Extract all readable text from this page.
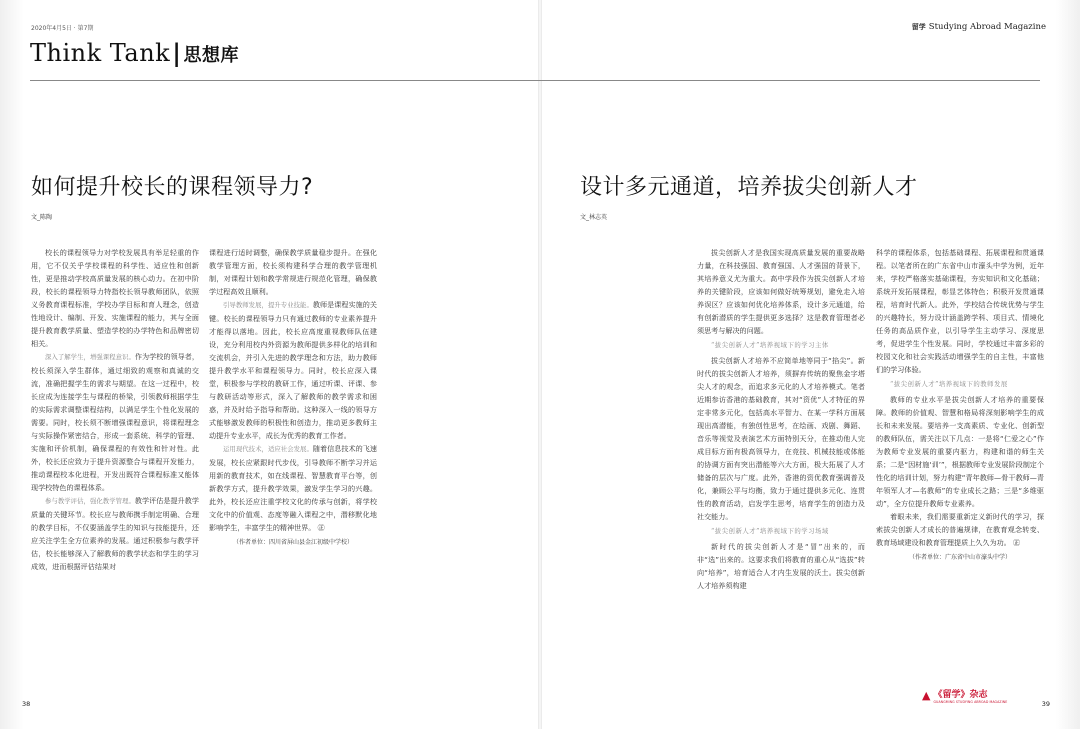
2020年4月5日 · 第7期
Think Tank| 思想库
留学 Studying Abroad Magazine
如何提升校长的课程领导力?
文_陈陶

校长的课程领导力对学校发展具有举足轻重的作用，它不仅关乎学校课程的科学性、适应性和创新性，更是推动学校高质量发展的核心动力。在初中阶段，校长的课程领导力特指校长领导教师团队，依照义务教育课程标准，学校办学目标和育人理念，创造性地设计、编制、开发、实施课程的能力，其与全面提升教育教学质量、塑造学校的办学特色和品牌密切相关。

深入了解学生，增强课程意识。作为学校的领导者，校长须深入学生群体，通过细致的观察和真诚的交流，准确把握学生的需求与期望。在这一过程中，校长应成为连接学生与课程的桥梁，引领教师根据学生的实际需求调整课程结构，以满足学生个性化发展的需要。同时，校长须不断增强课程意识，将课程理念与实际操作紧密结合，形成一套系统、科学的管理、实施和评价机制，确保课程的有效性和针对性。此外，校长还应致力于提升资源整合与课程开发能力，推动课程校本化进程，开发出既符合课程标准又能体现学校特色的课程体系。

参与教学评估，强化教学管理。教学评估是提升教学质量的关键环节。校长应与教师携手制定明确、合理的教学目标，不仅要涵盖学生的知识与技能提升，还应关注学生全方位素养的发展。通过积极参与教学评估，校长能够深入了解教师的教学状态和学生的学习成效，进而根据评估结果对

课程进行适时调整，确保教学质量稳步提升。在强化教学管理方面，校长须构建科学合理的教学管理机制，对课程计划和教学常规进行规范化管理，确保教学过程高效且顺利。

引导教师发展，提升专业技能。教师是课程实施的关键。校长的课程领导力只有通过教师的专业素养提升才能得以落地。因此，校长应高度重视教师队伍建设，充分利用校内外资源为教师提供多样化的培训和交流机会，并引入先进的教学理念和方法，助力教师提升教学水平和课程领导力。同时，校长应深入课堂，积极参与学校的教研工作，通过听课、评课、参与教研活动等形式，深入了解教师的教学需求和困惑，并及时给予指导和帮助。这种深入一线的领导方式能够激发教师的积极性和创造力，推动更多教师主动提升专业水平，成长为优秀的教育工作者。

运用现代技术，适应社会发展。随着信息技术的飞速发展，校长应紧跟时代步伐，引导教师不断学习并运用新的教育技术，如在线课程、智慧教育平台等，创新教学方式，提升教学效果，激发学生学习的兴趣。此外，校长还应注重学校文化的传承与创新，将学校文化中的价值观、态度等融入课程之中，潜移默化地影响学生，丰富学生的精神世界。 ㊣

（作者单位：四川省屏山县金江初级中学校）

设计多元通道，培养拔尖创新人才
文_林志英

拔尖创新人才是我国实现高质量发展的重要战略力量，在科技强国、教育强国、人才强国的背景下，其培养意义尤为重大。高中学段作为拔尖创新人才培养的关键阶段，应该如何做好统筹规划，避免走入培养误区？应该如何优化培养体系，设计多元通道，给有创新潜质的学生提供更多选择？这是教育管理者必须思考与解决的问题。

“拔尖创新人才”培养视域下的学习主体

拔尖创新人才培养不应简单地等同于“掐尖”。新时代的拔尖创新人才培养，须摒弃传统的聚焦金字塔尖人才的观念，而追求多元化的人才培养模式。笔者近期参访香港的基础教育，其对“资优”人才特征的界定非常多元化，包括高水平智力、在某一学科方面展现出高潜能，有独创性思考，在绘画、戏剧、舞蹈、音乐等视觉及表演艺术方面特别天分，在推动他人完成目标方面有极高领导力，在竞技、机械技能或体能的协调方面有突出潜能等六大方面，极大拓展了人才储备的层次与广度。此外，香港的资优教育强调普及化，兼顾公平与均衡，致力于通过提供多元化、连贯性的教育活动，启发学生思考，培育学生的创造力及社交能力。

“拔尖创新人才”培养视域下的学习场域

新时代的拔尖创新人才是“冒”出来的，而非“选”出来的。这要求我们将教育的重心从“选拔”转向“培养”，培育适合人才内生发展的沃土。拔尖创新人才培养须构建

科学的课程体系，包括基础课程、拓展课程和贯通课程。以笔者所在的广东省中山市濠头中学为例，近年来，学校严格落实基础课程，夯实知识和文化基础；系统开发拓展课程，彰显艺体特色；积极开发贯通课程，培育时代新人。此外，学校结合传统优势与学生的兴趣特长，努力设计涵盖跨学科、项目式、情境化任务的高品质作业，以引导学生主动学习、深度思考，促进学生个性发展。同时，学校通过丰富多彩的校园文化和社会实践活动增强学生的自主性，丰富他们的学习体验。

“拔尖创新人才”培养视域下的教师发展

教师的专业水平是拔尖创新人才培养的重要保障。教师的价值观、智慧和格局将深刻影响学生的成长和未来发展。要培养一支高素质、专业化、创新型的教师队伍，需关注以下几点：一是将“仁爱之心”作为教师专业发展的重要内驱力，构建和谐的师生关系；二是“因材施‘训’”，根据教师专业发展阶段制定个性化的培训计划，努力构建“青年教师—骨干教师—青年领军人才—名教师”的专业成长之路；三是“多维驱动”，全方位提升教师专业素养。

着眼未来，我们需要重新定义新时代的学习，探索拔尖创新人才成长的普遍规律，在教育观念转变、教育场域建设和教育管理提质上久久为功。 ㊣

（作者单位：广东省中山市濠头中学）

38	39
▲ 《留学》杂志
GUANGMING STUDYING ABROAD MAGAZINE
